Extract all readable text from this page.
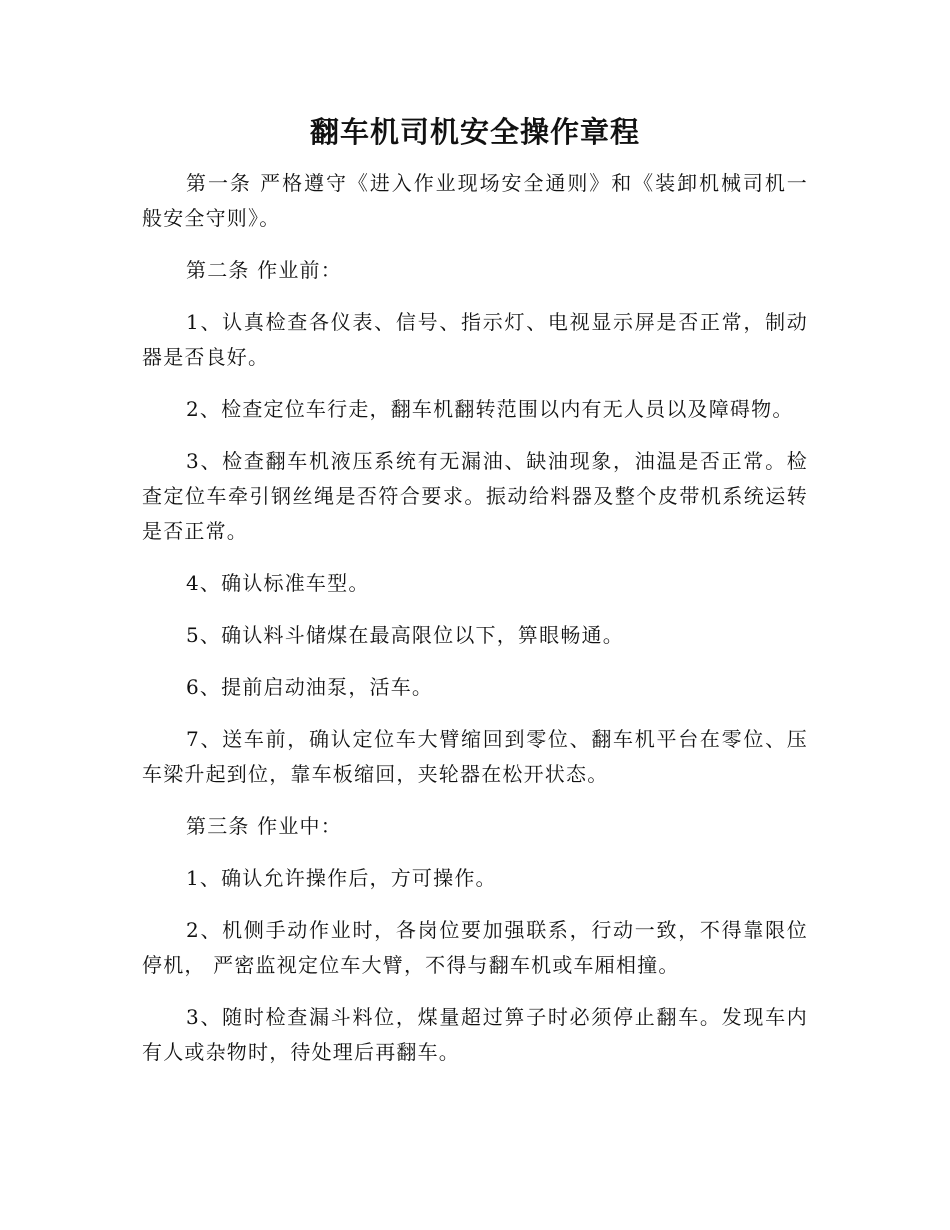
翻车机司机安全操作章程

第一条 严格遵守《进入作业现场安全通则》和《装卸机械司机一般安全守则》。

第二条 作业前：

1、认真检查各仪表、信号、指示灯、电视显示屏是否正常，制动器是否良好。

2、检查定位车行走，翻车机翻转范围以内有无人员以及障碍物。

3、检查翻车机液压系统有无漏油、缺油现象，油温是否正常。检查定位车牵引钢丝绳是否符合要求。振动给料器及整个皮带机系统运转是否正常。

4、确认标准车型。

5、确认料斗储煤在最高限位以下，箅眼畅通。

6、提前启动油泵，活车。

7、送车前，确认定位车大臂缩回到零位、翻车机平台在零位、压车梁升起到位，靠车板缩回，夹轮器在松开状态。

第三条 作业中：

1、确认允许操作后，方可操作。

2、机侧手动作业时，各岗位要加强联系，行动一致，不得靠限位停机， 严密监视定位车大臂，不得与翻车机或车厢相撞。

3、随时检查漏斗料位，煤量超过箅子时必须停止翻车。发现车内有人或杂物时，待处理后再翻车。
